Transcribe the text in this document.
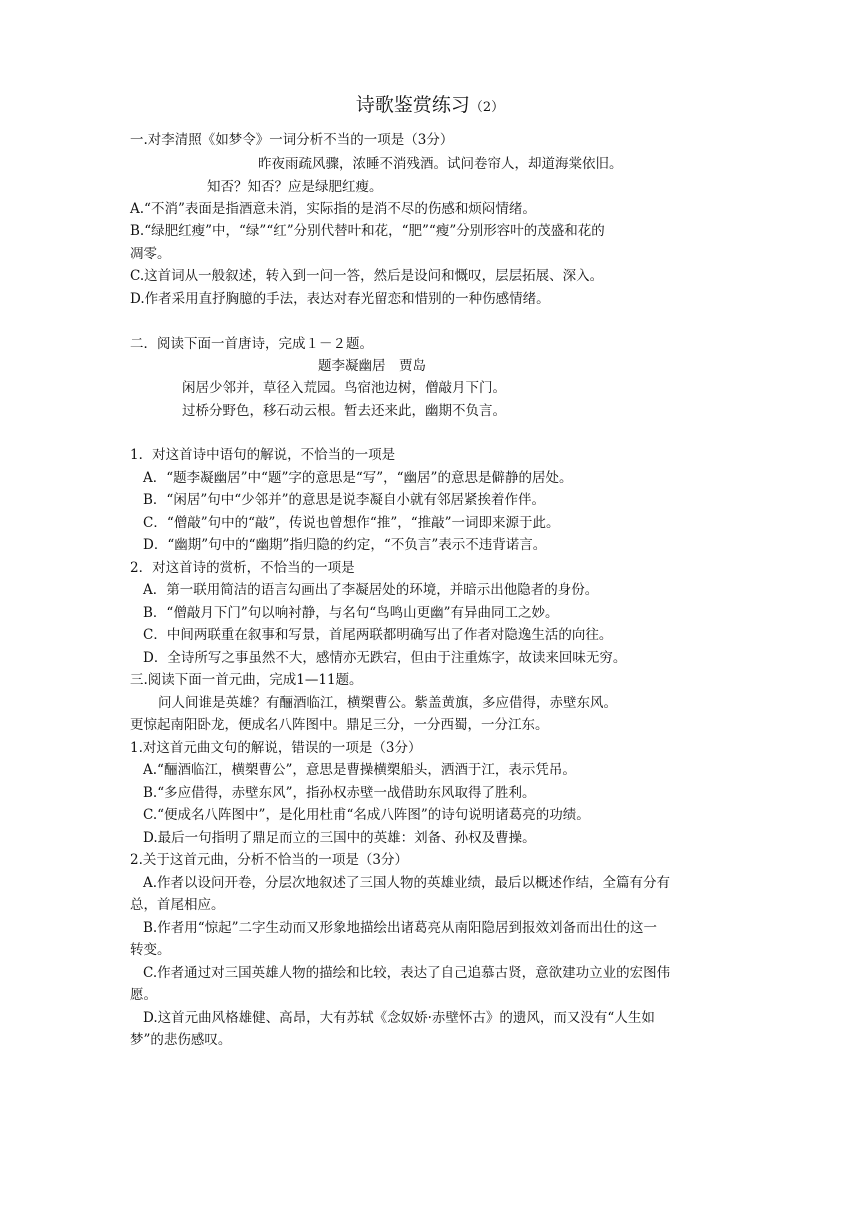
诗歌鉴赏练习（2）

一.对李清照《如梦令》一词分析不当的一项是（3分）

昨夜雨疏风骤，浓睡不消残酒。试问卷帘人，却道海棠依旧。

知否？知否？应是绿肥红瘦。

A.“不消”表面是指酒意未消，实际指的是消不尽的伤感和烦闷情绪。

B.“绿肥红瘦”中，“绿”“红”分别代替叶和花，“肥”“瘦”分别形容叶的茂盛和花的

凋零。

C.这首词从一般叙述，转入到一问一答，然后是设问和慨叹，层层拓展、深入。

D.作者采用直抒胸臆的手法，表达对春光留恋和惜别的一种伤感情绪。

二．阅读下面一首唐诗，完成１－２题。

题李凝幽居　贾岛

闲居少邻并，草径入荒园。鸟宿池边树，僧敲月下门。

过桥分野色，移石动云根。暂去还来此，幽期不负言。

1．对这首诗中语句的解说，不恰当的一项是

A．“题李凝幽居”中“题”字的意思是“写”，“幽居”的意思是僻静的居处。

B．“闲居”句中“少邻并”的意思是说李凝自小就有邻居紧挨着作伴。

C．“僧敲”句中的“敲”，传说也曾想作“推”，“推敲”一词即来源于此。

D．“幽期”句中的“幽期”指归隐的约定，“不负言”表示不违背诺言。

2．对这首诗的赏析，不恰当的一项是

A．第一联用简洁的语言勾画出了李凝居处的环境，并暗示出他隐者的身份。

B．“僧敲月下门”句以响衬静，与名句“鸟鸣山更幽”有异曲同工之妙。

C．中间两联重在叙事和写景，首尾两联都明确写出了作者对隐逸生活的向往。

D．全诗所写之事虽然不大，感情亦无跌宕，但由于注重炼字，故读来回味无穷。

三.阅读下面一首元曲，完成1—11题。

问人间谁是英雄？有酾酒临江，横槊曹公。紫盖黄旗，多应借得，赤壁东风。

更惊起南阳卧龙，便成名八阵图中。鼎足三分，一分西蜀，一分江东。

1.对这首元曲文句的解说，错误的一项是（3分）

A.“酾酒临江，横槊曹公”，意思是曹操横槊船头，洒酒于江，表示凭吊。

B.“多应借得，赤壁东风”，指孙权赤壁一战借助东风取得了胜利。

C.“便成名八阵图中”，是化用杜甫“名成八阵图”的诗句说明诸葛亮的功绩。

D.最后一句指明了鼎足而立的三国中的英雄：刘备、孙权及曹操。

2.关于这首元曲，分析不恰当的一项是（3分）

A.作者以设问开卷，分层次地叙述了三国人物的英雄业绩，最后以概述作结，全篇有分有

总，首尾相应。

B.作者用“惊起”二字生动而又形象地描绘出诸葛亮从南阳隐居到报效刘备而出仕的这一

转变。

C.作者通过对三国英雄人物的描绘和比较，表达了自己追慕古贤，意欲建功立业的宏图伟

愿。

D.这首元曲风格雄健、高昂，大有苏轼《念奴娇·赤壁怀古》的遗风，而又没有“人生如

梦”的悲伤感叹。
